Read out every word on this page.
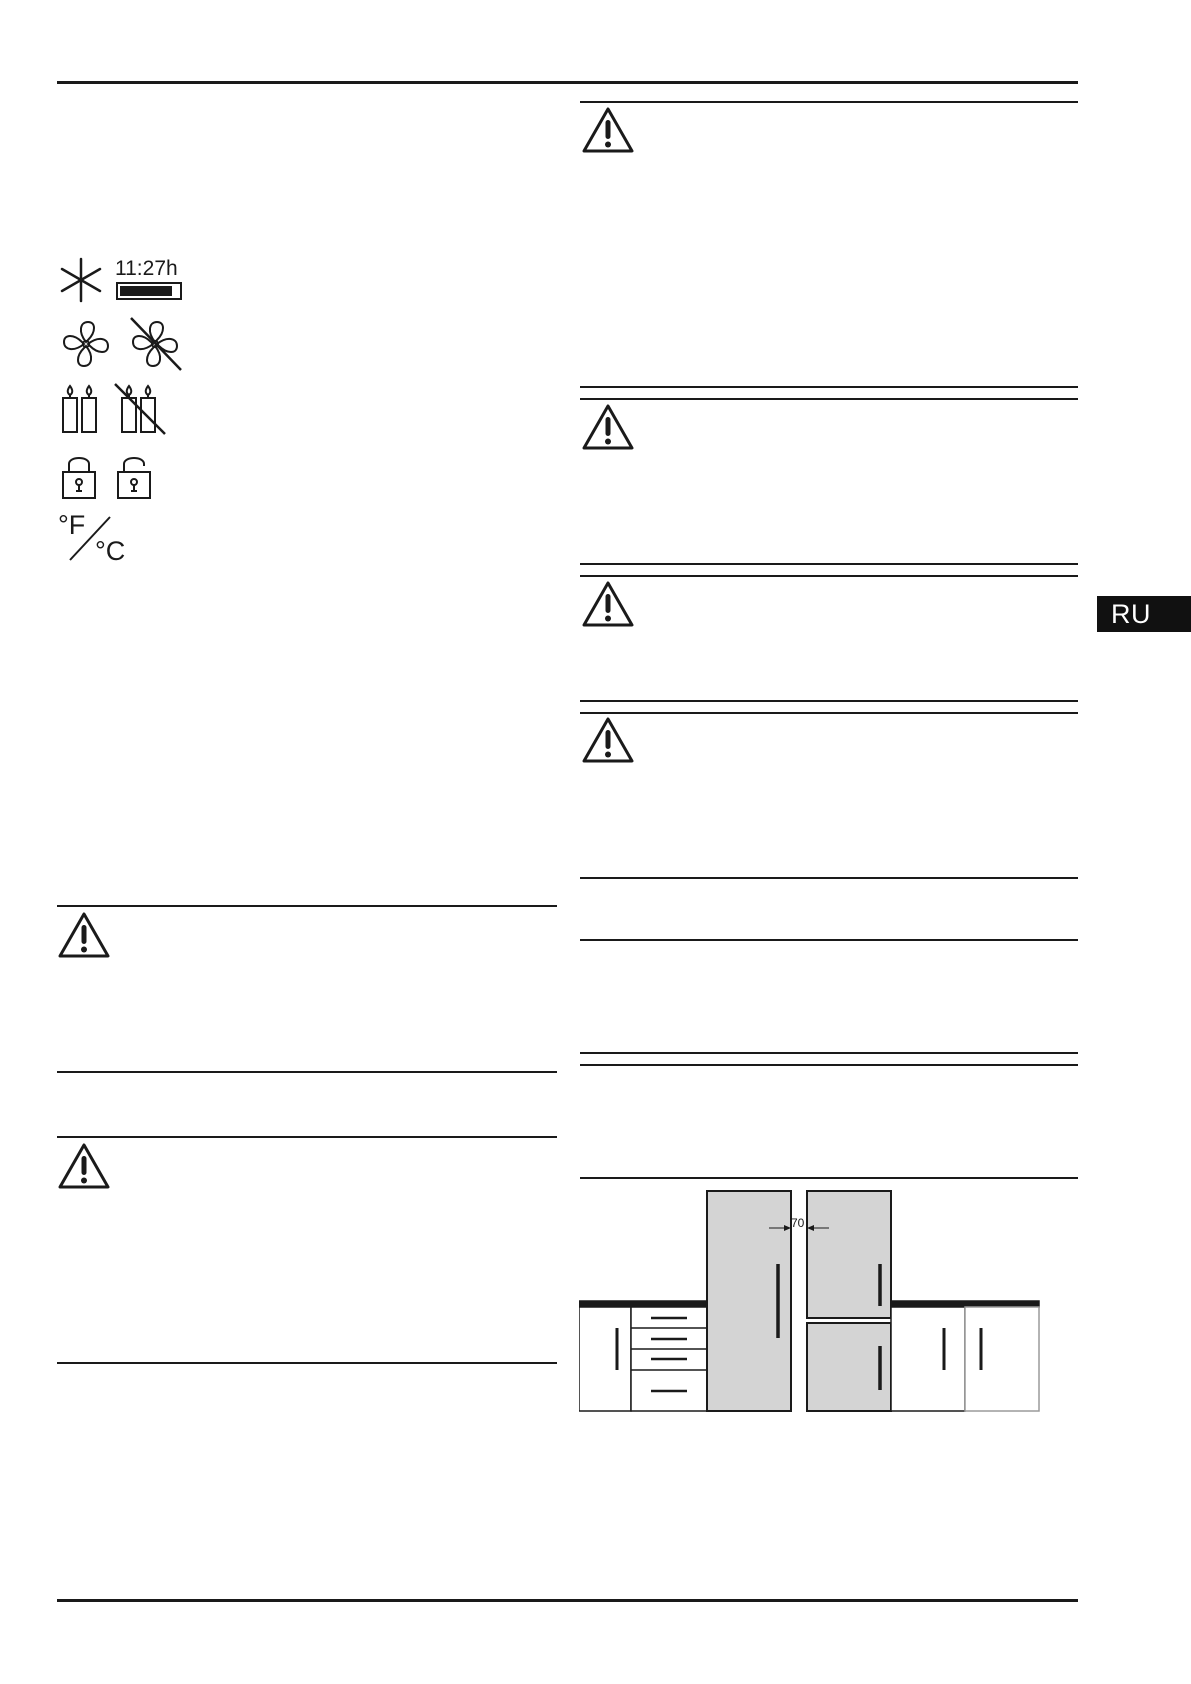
11:27h
°F
°C
70
RU
